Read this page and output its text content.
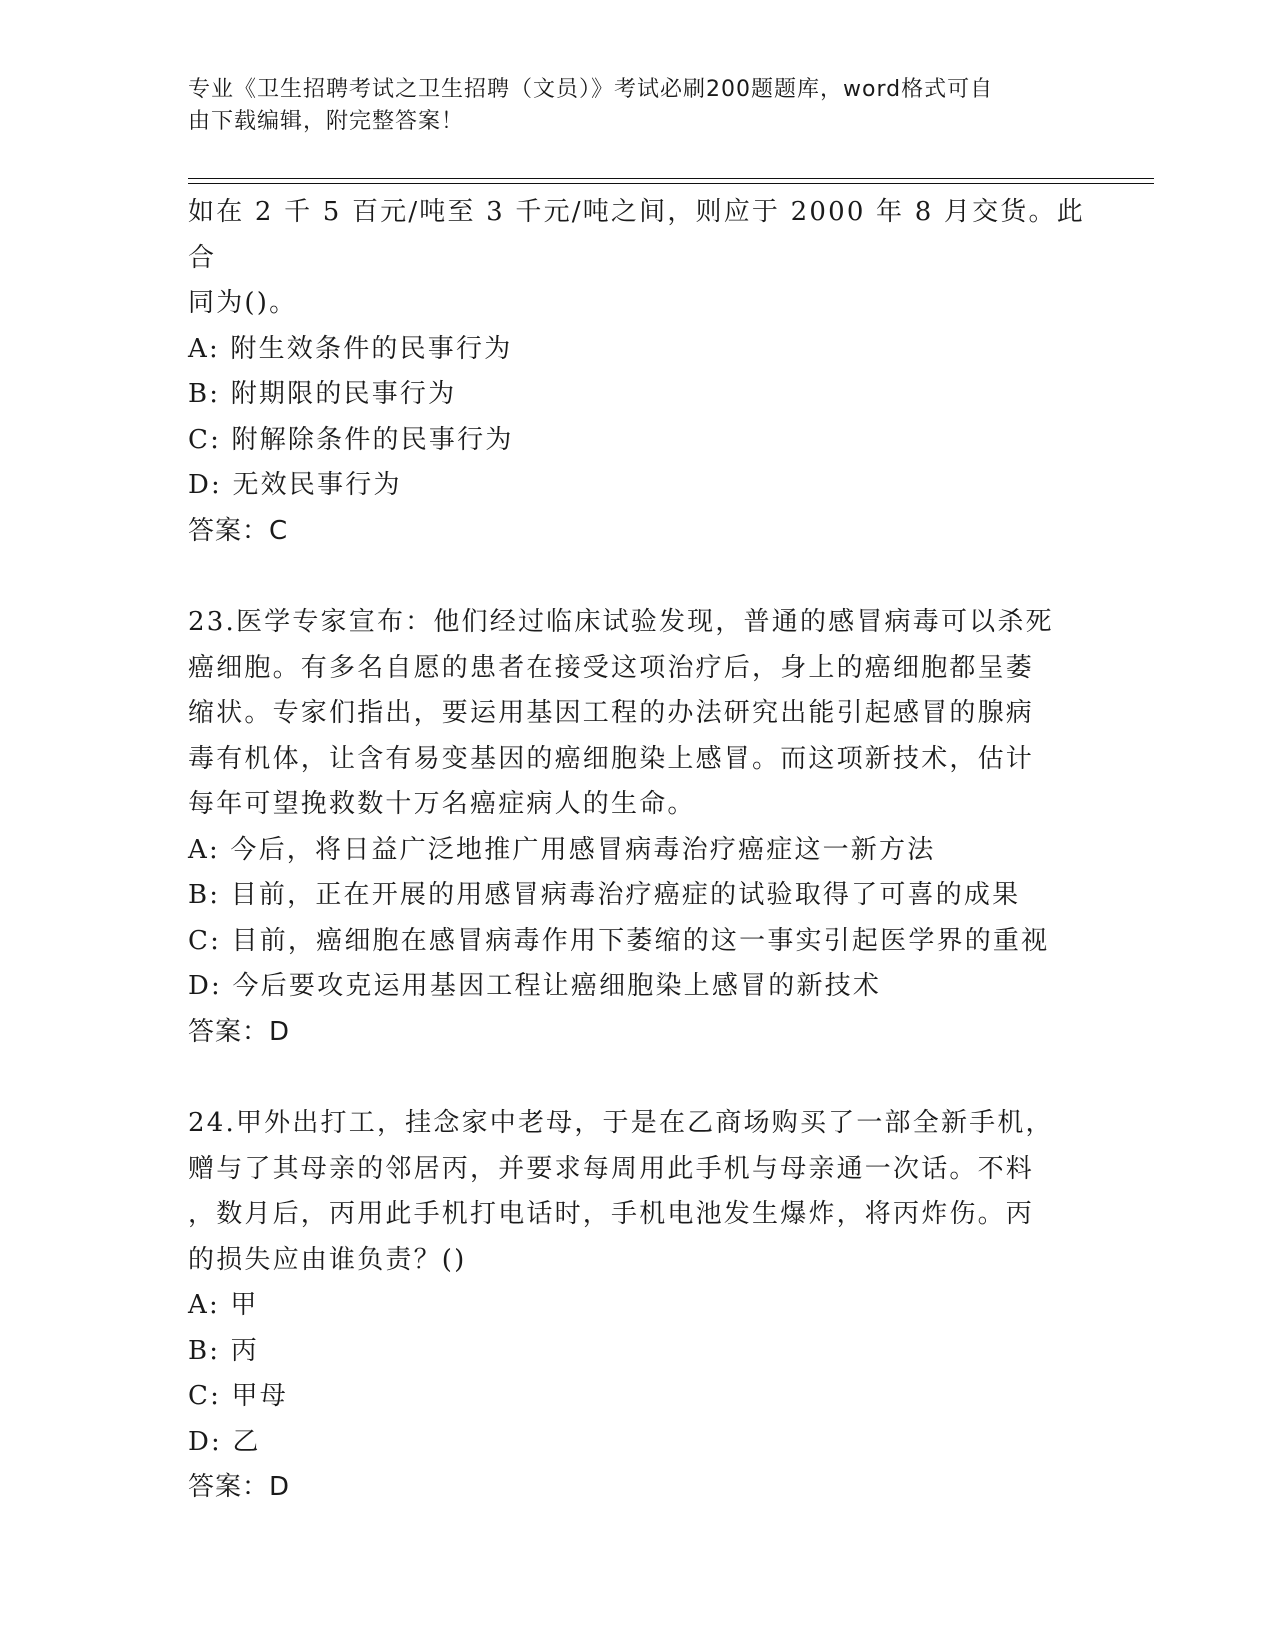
专业《卫生招聘考试之卫生招聘（文员）》考试必刷200题题库，word格式可自
由下载编辑，附完整答案！

如在 2 千 5 百元/吨至 3 千元/吨之间，则应于 2000 年 8 月交货。此合

同为()。

A: 附生效条件的民事行为

B: 附期限的民事行为

C: 附解除条件的民事行为

D: 无效民事行为

答案：C

23.医学专家宣布：他们经过临床试验发现，普通的感冒病毒可以杀死

癌细胞。有多名自愿的患者在接受这项治疗后，身上的癌细胞都呈萎

缩状。专家们指出，要运用基因工程的办法研究出能引起感冒的腺病

毒有机体，让含有易变基因的癌细胞染上感冒。而这项新技术，估计

每年可望挽救数十万名癌症病人的生命。

A: 今后，将日益广泛地推广用感冒病毒治疗癌症这一新方法

B: 目前，正在开展的用感冒病毒治疗癌症的试验取得了可喜的成果

C: 目前，癌细胞在感冒病毒作用下萎缩的这一事实引起医学界的重视

D: 今后要攻克运用基因工程让癌细胞染上感冒的新技术

答案：D

24.甲外出打工，挂念家中老母，于是在乙商场购买了一部全新手机，

赠与了其母亲的邻居丙，并要求每周用此手机与母亲通一次话。不料

，数月后，丙用此手机打电话时，手机电池发生爆炸，将丙炸伤。丙

的损失应由谁负责？()

A: 甲

B: 丙

C: 甲母

D: 乙

答案：D
